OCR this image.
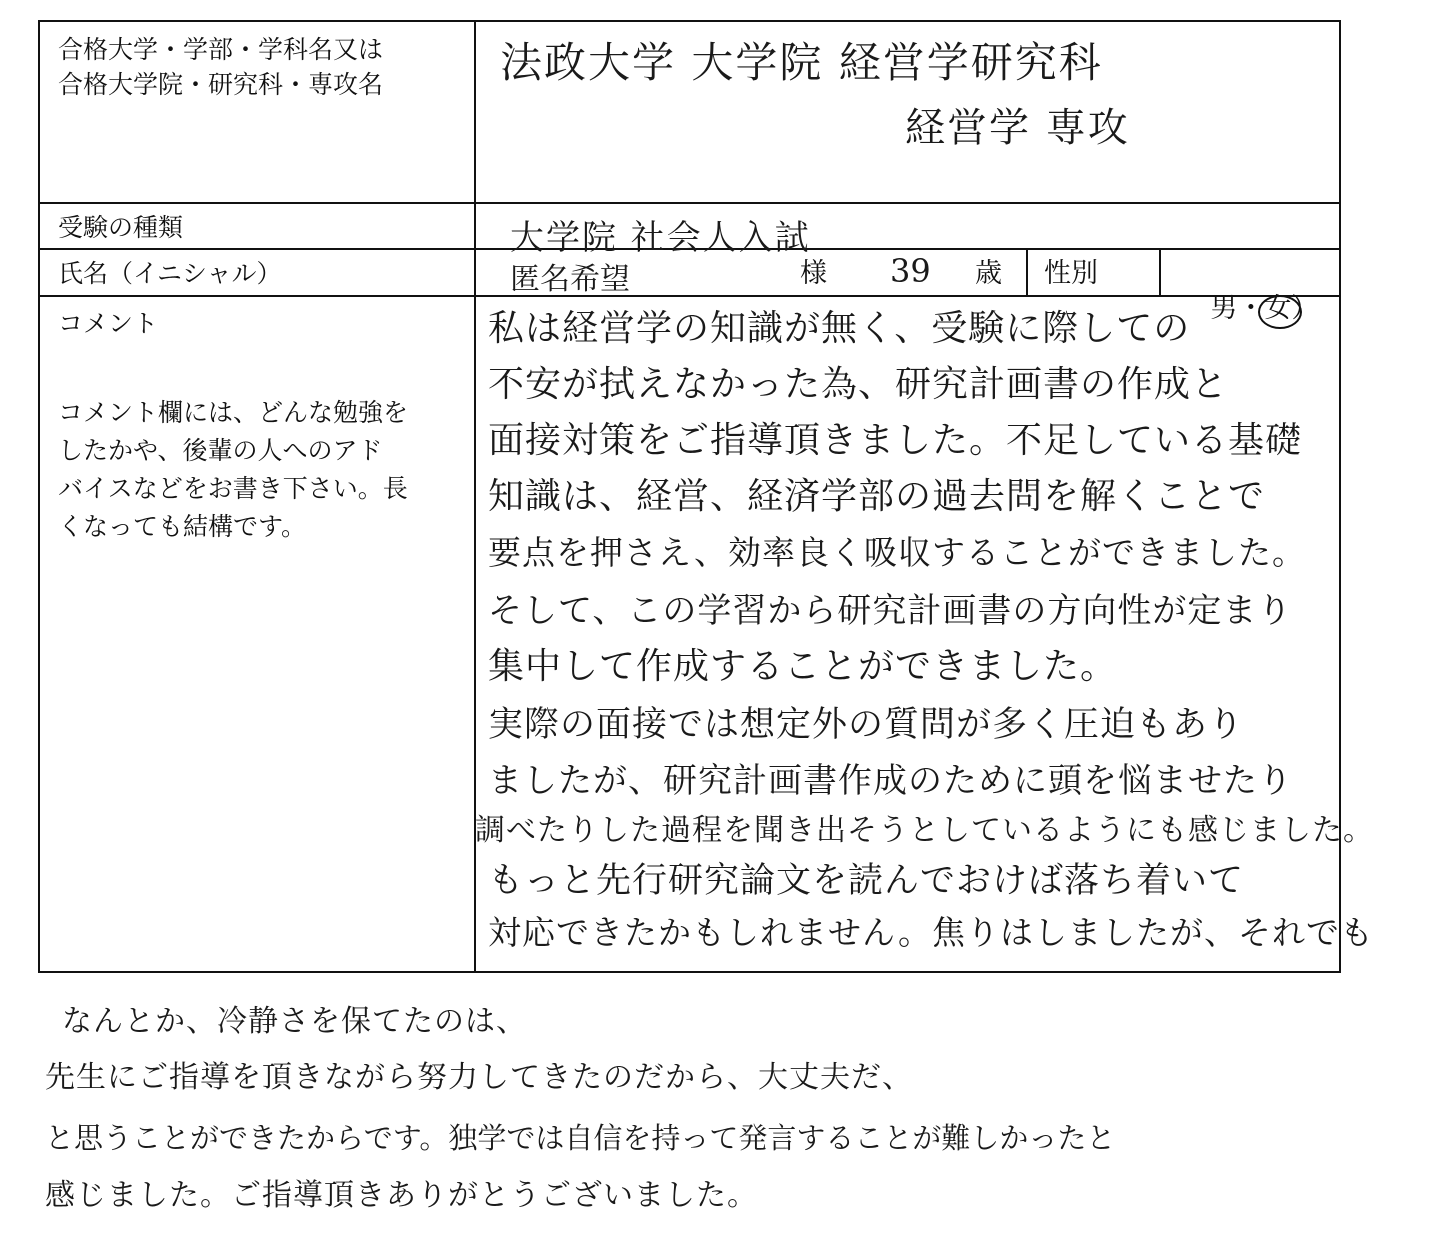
合格大学・学部・学科名又は
合格大学院・研究科・専攻名
受験の種類
氏名（イニシャル）
コメント
コメント欄には、どんな勉強を
したかや、後輩の人へのアド
バイスなどをお書き下さい。長
くなっても結構です。
法政大学 大学院 経営学研究科
経営学 専攻
大学院 社会人入試
匿名希望	様 39 歳 性別

男・
女）

私は経営学の知識が無く、受験に際しての
不安が拭えなかった為、研究計画書の作成と
面接対策をご指導頂きました。不足している基礎
知識は、経営、経済学部の過去問を解くことで
要点を押さえ、効率良く吸収することができました。
そして、この学習から研究計画書の方向性が定まり
集中して作成することができました。
実際の面接では想定外の質問が多く圧迫もあり
ましたが、研究計画書作成のために頭を悩ませたり
調べたりした過程を聞き出そうとしているようにも感じました。
もっと先行研究論文を読んでおけば落ち着いて
対応できたかもしれません。焦りはしましたが、それでも
なんとか、冷静さを保てたのは、
先生にご指導を頂きながら努力してきたのだから、大丈夫だ、
と思うことができたからです。独学では自信を持って発言することが難しかったと
感じました。ご指導頂きありがとうございました。
